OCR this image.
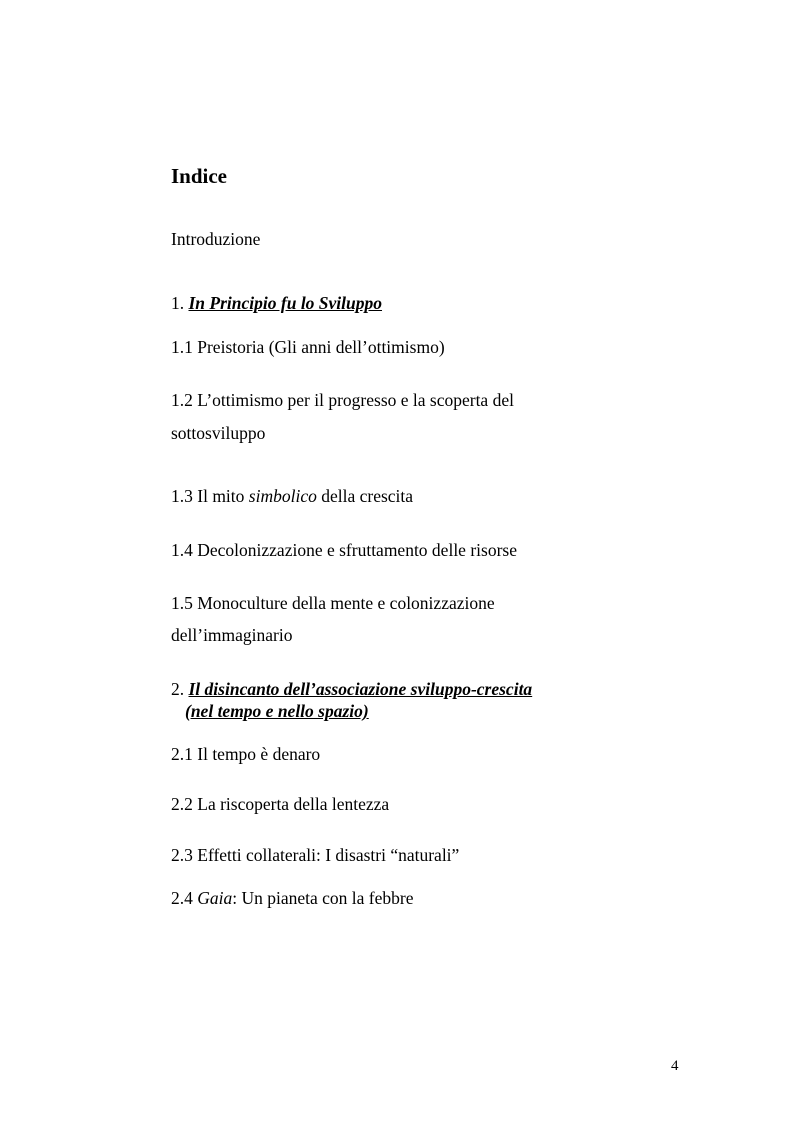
Indice
Introduzione
1. In Principio fu lo Sviluppo
1.1 Preistoria (Gli anni dell’ottimismo)
1.2 L’ottimismo per il progresso e la scoperta del
sottosviluppo
1.3 Il mito simbolico della crescita
1.4 Decolonizzazione e sfruttamento delle risorse
1.5 Monoculture della mente e colonizzazione
dell’immaginario
2. Il disincanto dell’associazione sviluppo-crescita
(nel tempo e nello spazio)
2.1 Il tempo è denaro
2.2 La riscoperta della lentezza
2.3 Effetti collaterali: I disastri “naturali”
2.4 Gaia: Un pianeta con la febbre
4
